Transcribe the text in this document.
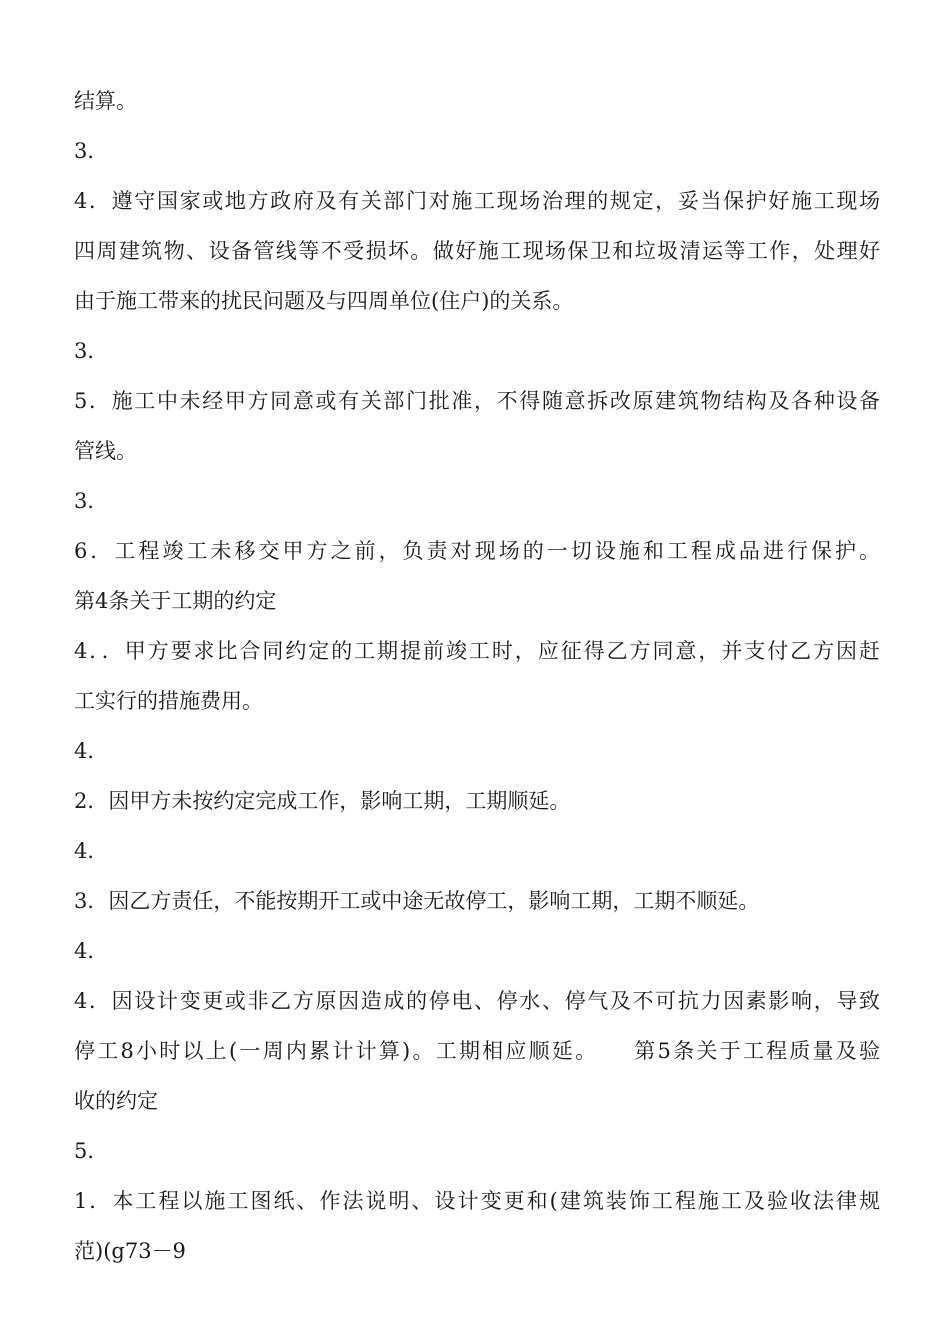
结算。
3．
4．遵守国家或地方政府及有关部门对施工现场治理的规定，妥当保护好施工现场
四周建筑物、设备管线等不受损坏。做好施工现场保卫和垃圾清运等工作，处理好
由于施工带来的扰民问题及与四周单位(住户)的关系。
3．
5．施工中未经甲方同意或有关部门批准，不得随意拆改原建筑物结构及各种设备
管线。
3．
6．工程竣工未移交甲方之前，负责对现场的一切设施和工程成品进行保护。
第4条关于工期的约定
4．．甲方要求比合同约定的工期提前竣工时，应征得乙方同意，并支付乙方因赶
工实行的措施费用。
4．
2．因甲方未按约定完成工作，影响工期，工期顺延。
4．
3．因乙方责任，不能按期开工或中途无故停工，影响工期，工期不顺延。
4．
4．因设计变更或非乙方原因造成的停电、停水、停气及不可抗力因素影响，导致
停工8小时以上(一周内累计计算)。工期相应顺延。　　第5条关于工程质量及验
收的约定
5．
1．本工程以施工图纸、作法说明、设计变更和(建筑装饰工程施工及验收法律规
范)(g73－9
